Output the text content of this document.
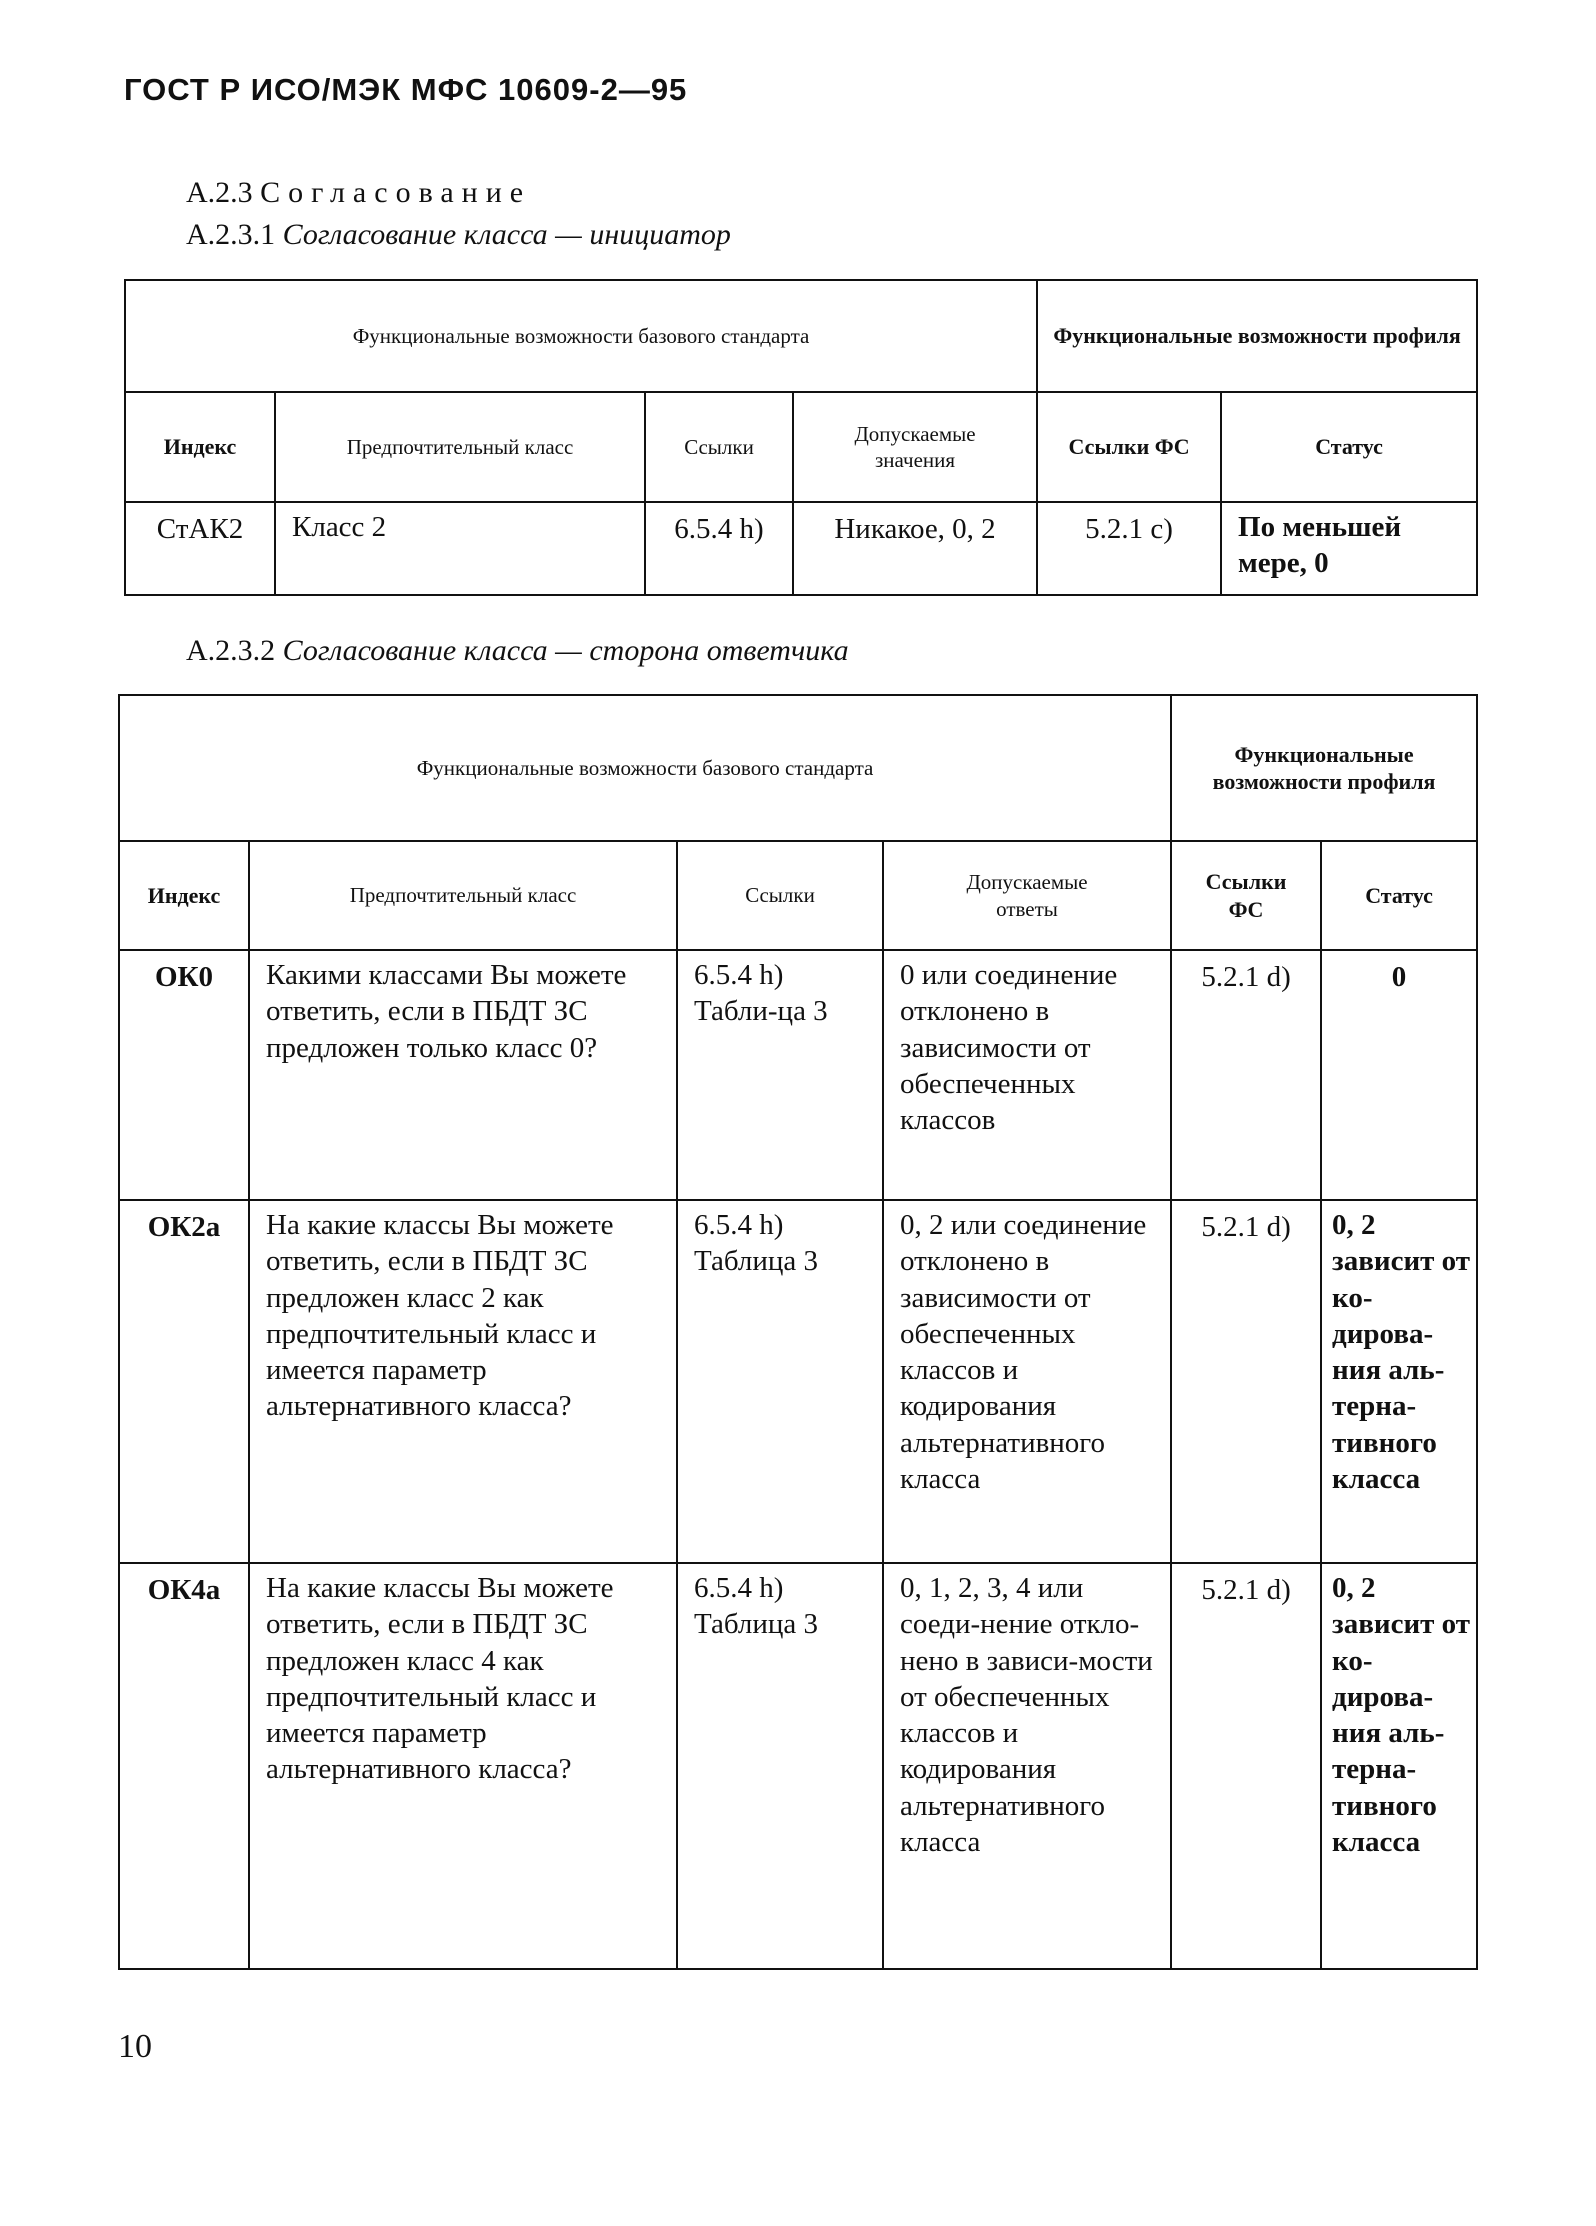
ГОСТ Р ИСО/МЭК МФС 10609-2—95
А.2.3 Согласование
А.2.3.1 Согласование класса — инициатор
Функциональные возможности базового стандарта				Функциональные возможности профиля	
Индекс	Предпочтительный класс	Ссылки	Допускаемые значения	Ссылки ФС	Статус
СтАК2	Класс 2	6.5.4 h)	Никакое, 0, 2	5.2.1 c)	По меньшей мере, 0
А.2.3.2 Согласование класса — сторона ответчика
Функциональные возможности базового стандарта				Функциональные возможности профиля	
Индекс	Предпочтительный класс	Ссылки	Допускаемые ответы	Ссылки ФС	Статус
ОК0	Какими классами Вы можете ответить, если в ПБДТ ЗС предложен только класс 0?	6.5.4 h) Табли-ца 3	0 или соединение отклонено в зависимости от обеспеченных классов	5.2.1 d)	0
ОК2а	На какие классы Вы можете ответить, если в ПБДТ ЗС предложен класс 2 как предпочтительный класс и имеется параметр альтернативного класса?	6.5.4 h) Таблица 3	0, 2 или соединение отклонено в зависимости от обеспеченных классов и кодирования альтернативного класса	5.2.1 d)	0, 2 зависит от ко-дирова-ния аль-терна-тивного класса
ОК4а	На какие классы Вы можете ответить, если в ПБДТ ЗС предложен класс 4 как предпочтительный класс и имеется параметр альтернативного класса?	6.5.4 h) Таблица 3	0, 1, 2, 3, 4 или соеди-нение откло-нено в зависи-мости от обеспеченных классов и кодирования альтернативного класса	5.2.1 d)	0, 2 зависит от ко-дирова-ния аль-терна-тивного класса
10
